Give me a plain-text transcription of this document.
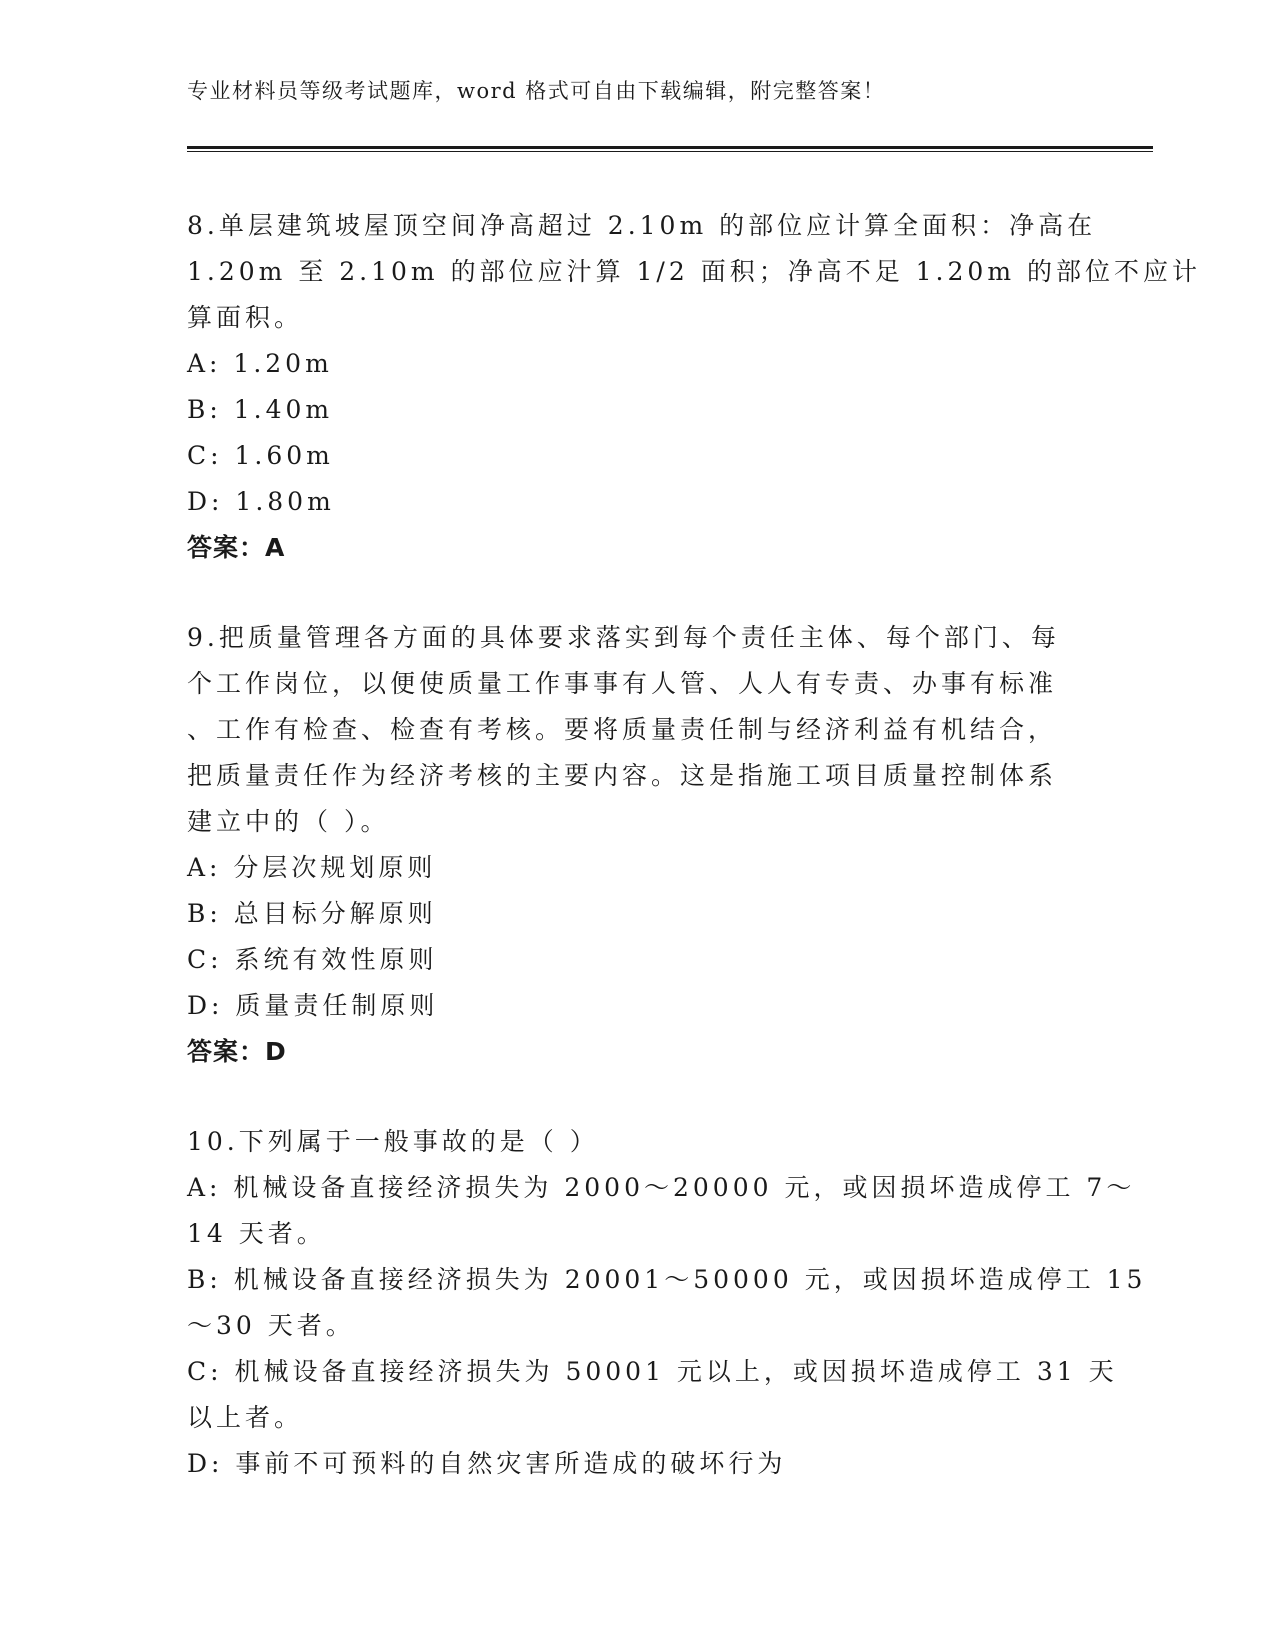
专业材料员等级考试题库，word 格式可自由下载编辑，附完整答案！
8.单层建筑坡屋顶空间净高超过 2.10m 的部位应计算全面积：净高在
1.20m 至 2.10m 的部位应汁算 1/2 面积；净高不足 1.20m 的部位不应计
算面积。
A: 1.20m
B: 1.40m
C: 1.60m
D: 1.80m
答案：A
9.把质量管理各方面的具体要求落实到每个责任主体、每个部门、每
个工作岗位，以便使质量工作事事有人管、人人有专责、办事有标准
、工作有检查、检查有考核。要将质量责任制与经济利益有机结合，
把质量责任作为经济考核的主要内容。这是指施工项目质量控制体系
建立中的（ ）。
A: 分层次规划原则
B: 总目标分解原则
C: 系统有效性原则
D: 质量责任制原则
答案：D
10.下列属于一般事故的是（ ）
A: 机械设备直接经济损失为 2000～20000 元，或因损坏造成停工 7～
14 天者。
B: 机械设备直接经济损失为 20001～50000 元，或因损坏造成停工 15
～30 天者。
C: 机械设备直接经济损失为 50001 元以上，或因损坏造成停工 31 天
以上者。
D: 事前不可预料的自然灾害所造成的破坏行为
